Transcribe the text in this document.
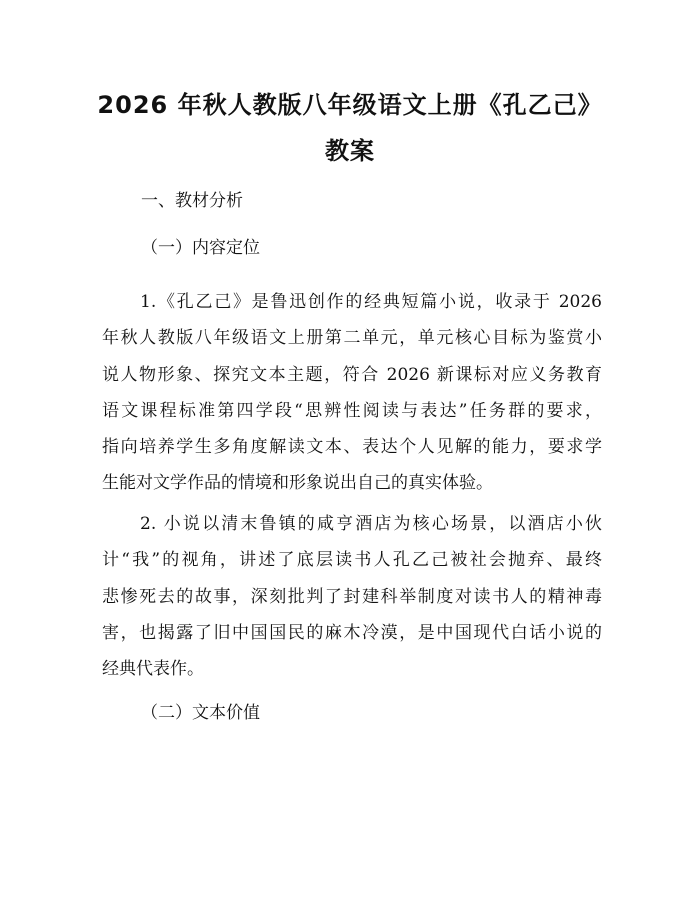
2026 年秋人教版八年级语文上册《孔乙己》
教案
一、教材分析
（一）内容定位
1.《孔乙己》是鲁迅创作的经典短篇小说，收录于 2026
年秋人教版八年级语文上册第二单元，单元核心目标为鉴赏小
说人物形象、探究文本主题，符合 2026 新课标对应义务教育
语文课程标准第四学段“思辨性阅读与表达”任务群的要求，
指向培养学生多角度解读文本、表达个人见解的能力，要求学
生能对文学作品的情境和形象说出自己的真实体验。
2. 小说以清末鲁镇的咸亨酒店为核心场景，以酒店小伙
计“我”的视角，讲述了底层读书人孔乙己被社会抛弃、最终
悲惨死去的故事，深刻批判了封建科举制度对读书人的精神毒
害，也揭露了旧中国国民的麻木冷漠，是中国现代白话小说的
经典代表作。
（二）文本价值
